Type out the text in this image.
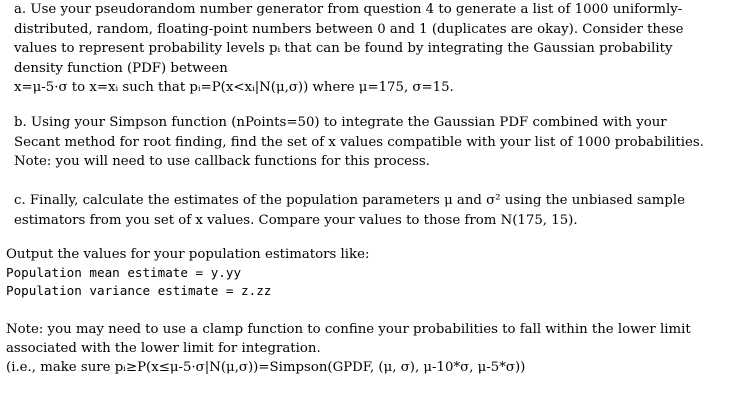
a. Use your pseudorandom number generator from question 4 to generate a list of 1000 uniformly-
distributed, random, floating-point numbers between 0 and 1 (duplicates are okay). Consider these
values to represent probability levels pᵢ that can be found by integrating the Gaussian probability
density function (PDF) between
x=μ-5·σ to x=xᵢ such that pᵢ=P(x<xᵢ|N(μ,σ)) where μ=175, σ=15.
b. Using your Simpson function (nPoints=50) to integrate the Gaussian PDF combined with your
Secant method for root finding, find the set of x values compatible with your list of 1000 probabilities.
Note: you will need to use callback functions for this process.
c. Finally, calculate the estimates of the population parameters μ and σ² using the unbiased sample
estimators from you set of x values. Compare your values to those from N(175, 15).
Output the values for your population estimators like:
Population mean estimate = y.yy
Population variance estimate = z.zz
Note: you may need to use a clamp function to confine your probabilities to fall within the lower limit
associated with the lower limit for integration.
(i.e., make sure pᵢ≥P(x≤μ-5·σ|N(μ,σ))=Simpson(GPDF, (μ, σ), μ-10*σ, μ-5*σ))
